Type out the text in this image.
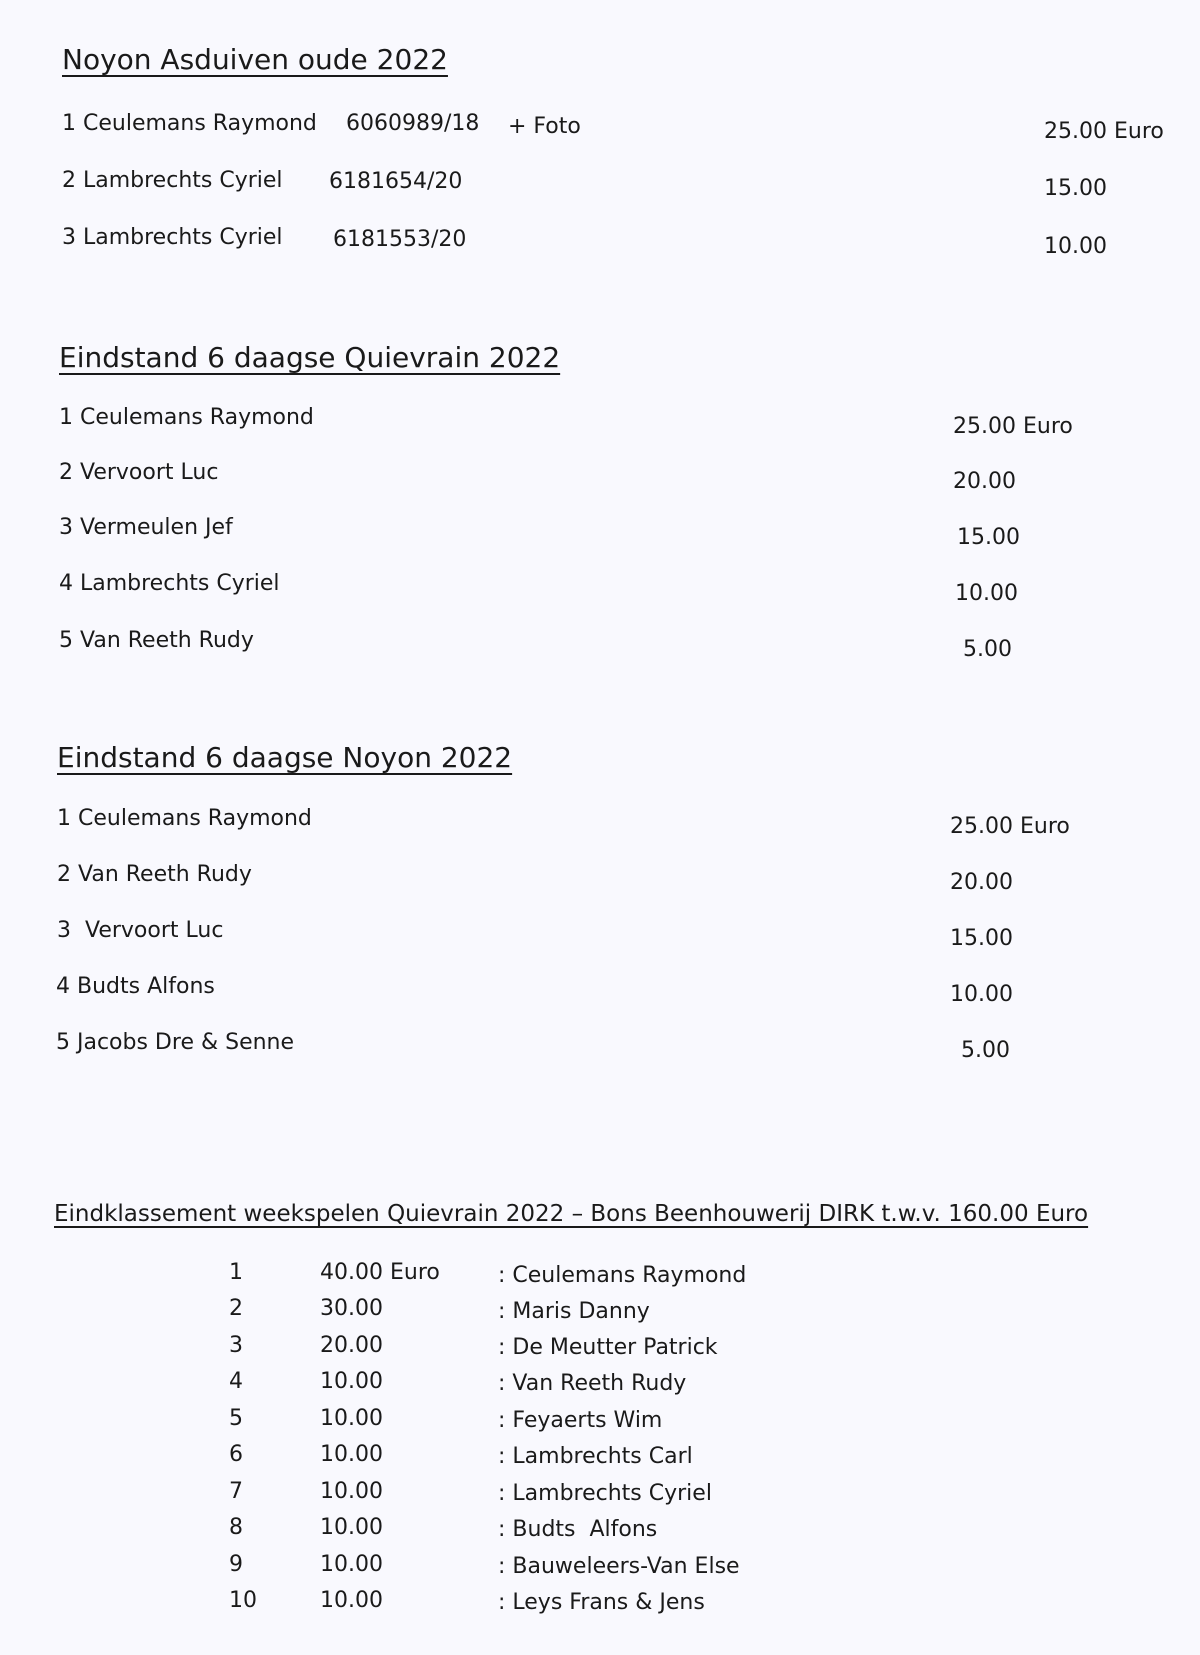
Noyon Asduiven oude 2022
1 Ceulemans Raymond 6060989/18 + Foto	25.00 Euro
2 Lambrechts Cyriel 6181654/20	15.00
3 Lambrechts Cyriel 6181553/20	10.00
Eindstand 6 daagse Quievrain 2022
1 Ceulemans Raymond	25.00 Euro
2 Vervoort Luc	20.00
3 Vermeulen Jef	15.00
4 Lambrechts Cyriel	10.00
5 Van Reeth Rudy	5.00
Eindstand 6 daagse Noyon 2022
1 Ceulemans Raymond	25.00 Euro
2 Van Reeth Rudy	20.00
3  Vervoort Luc	15.00
4 Budts Alfons	10.00
5 Jacobs Dre & Senne	5.00
Eindklassement weekspelen Quievrain 2022 – Bons Beenhouwerij DIRK t.w.v. 160.00 Euro
1	40.00 Euro	: Ceulemans Raymond
2	30.00	: Maris Danny
3	20.00	: De Meutter Patrick
4	10.00	: Van Reeth Rudy
5	10.00	: Feyaerts Wim
6	10.00	: Lambrechts Carl
7	10.00	: Lambrechts Cyriel
8	10.00	: Budts  Alfons
9	10.00	: Bauweleers-Van Else
10	10.00	: Leys Frans & Jens
